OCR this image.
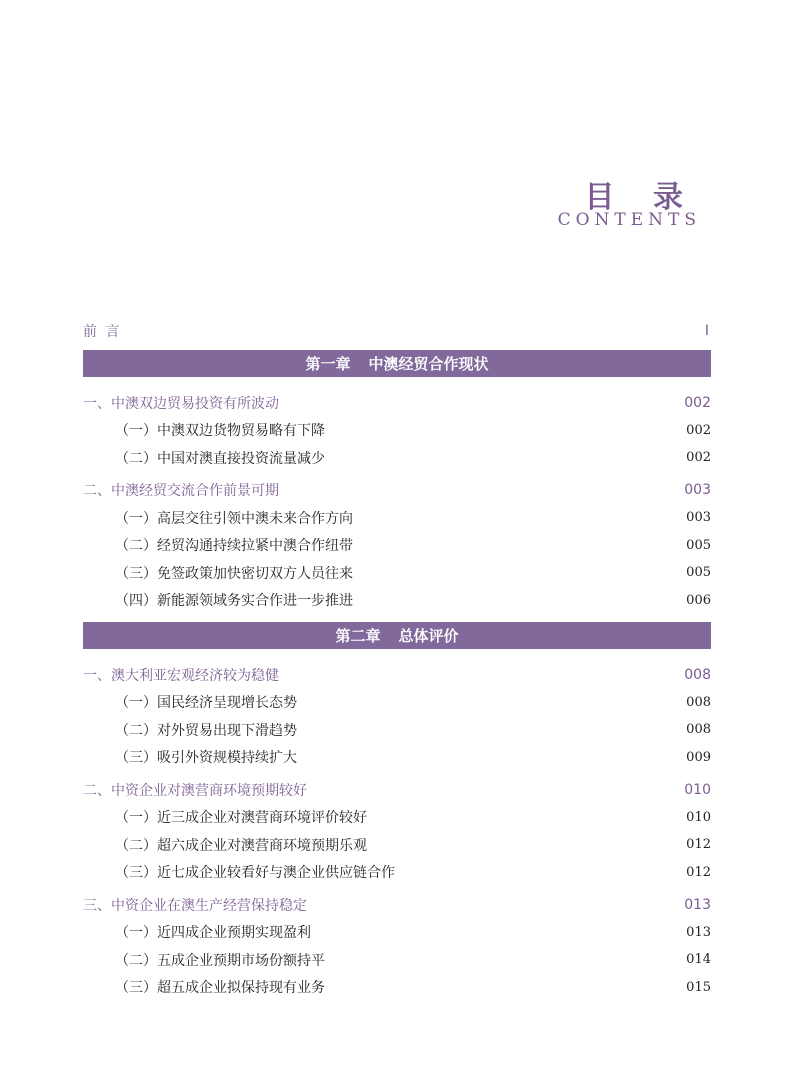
目 录
CONTENTS
前 言	I
第一章 中澳经贸合作现状
一、中澳双边贸易投资有所波动	002
（一）中澳双边货物贸易略有下降	002
（二）中国对澳直接投资流量减少	002
二、中澳经贸交流合作前景可期	003
（一）高层交往引领中澳未来合作方向	003
（二）经贸沟通持续拉紧中澳合作纽带	005
（三）免签政策加快密切双方人员往来	005
（四）新能源领域务实合作进一步推进	006
第二章 总体评价
一、澳大利亚宏观经济较为稳健	008
（一）国民经济呈现增长态势	008
（二）对外贸易出现下滑趋势	008
（三）吸引外资规模持续扩大	009
二、中资企业对澳营商环境预期较好	010
（一）近三成企业对澳营商环境评价较好	010
（二）超六成企业对澳营商环境预期乐观	012
（三）近七成企业较看好与澳企业供应链合作	012
三、中资企业在澳生产经营保持稳定	013
（一）近四成企业预期实现盈利	013
（二）五成企业预期市场份额持平	014
（三）超五成企业拟保持现有业务	015
